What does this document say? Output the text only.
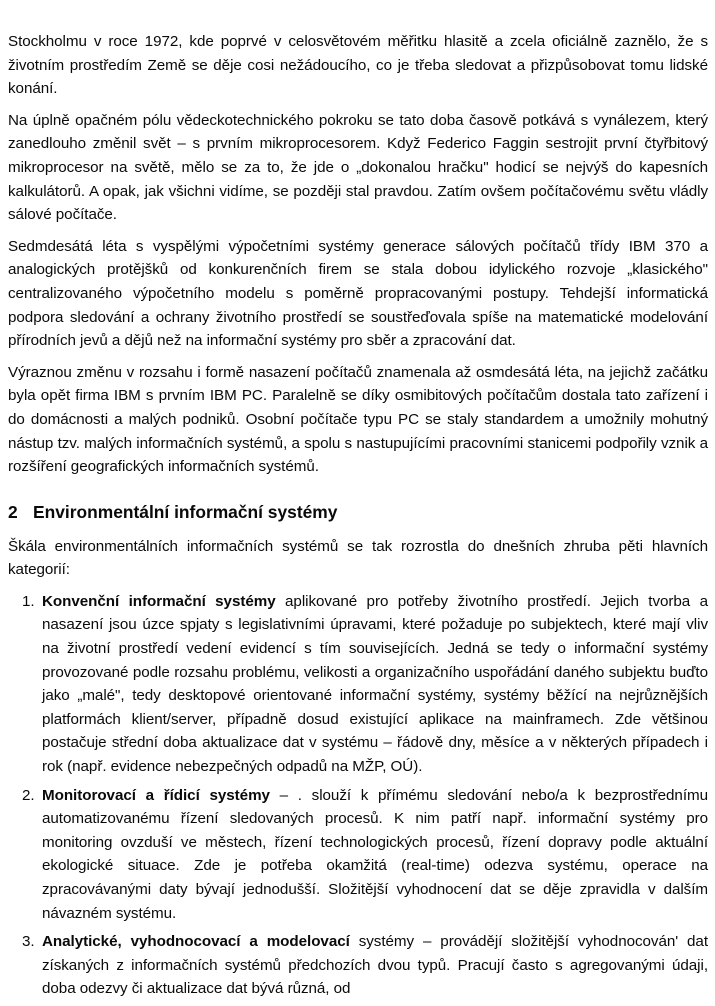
Stockholmu v roce 1972, kde poprvé v celosvětovém měřitku hlasitě a zcela oficiálně zaznělo, že s životním prostředím Země se děje cosi nežádoucího, co je třeba sledovat a přizpůsobovat tomu lidské konání.

Na úplně opačném pólu vědeckotechnického pokroku se tato doba časově potkává s vynálezem, který zanedlouho změnil svět – s prvním mikroprocesorem. Když Federico Faggin sestrojit první čtyřbitový mikroprocesor na světě, mělo se za to, že jde o „dokonalou hračku" hodicí se nejvýš do kapesních kalkulátorů. A opak, jak všichni vidíme, se později stal pravdou. Zatím ovšem počítačovému světu vládly sálové počítače.

Sedmdesátá léta s vyspělými výpočetními systémy generace sálových počítačů třídy IBM 370 a analogických protějšků od konkurenčních firem se stala dobou idylického rozvoje „klasického" centralizovaného výpočetního modelu s poměrně propracovanými postupy. Tehdejší informatická podpora sledování a ochrany životního prostředí se soustřeďovala spíše na matematické modelování přírodních jevů a dějů než na informační systémy pro sběr a zpracování dat.

Výraznou změnu v rozsahu i formě nasazení počítačů znamenala až osmdesátá léta, na jejichž začátku byla opět firma IBM s prvním IBM PC. Paralelně se díky osmibitových počítačům dostala tato zařízení i do domácnosti a malých podniků. Osobní počítače typu PC se staly standardem a umožnily mohutný nástup tzv. malých informačních systémů, a spolu s nastupujícími pracovními stanicemi podpořily vznik a rozšíření geografických informačních systémů.

2 Environmentální informační systémy

Škála environmentálních informačních systémů se tak rozrostla do dnešních zhruba pěti hlavních kategorií:

1. Konvenční informační systémy aplikované pro potřeby životního prostředí. Jejich tvorba a nasazení jsou úzce spjaty s legislativními úpravami, které požaduje po subjektech, které mají vliv na životní prostředí vedení evidencí s tím souvisejících. Jedná se tedy o informační systémy provozované podle rozsahu problému, velikosti a organizačního uspořádání daného subjektu buďto jako „malé", tedy desktopové orientované informační systémy, systémy běžící na nejrůznějších platformách klient/server, případně dosud existující aplikace na mainframech. Zde většinou postačuje střední doba aktualizace dat v systému – řádově dny, měsíce a v některých případech i rok (např. evidence nebezpečných odpadů na MŽP, OÚ).
2. Monitorovací a řídicí systémy – . slouží k přímému sledování nebo/a k bezprostřednímu automatizovanému řízení sledovaných procesů. K nim patří např. informační systémy pro monitoring ovzduší ve městech, řízení technologických procesů, řízení dopravy podle aktuální ekologické situace. Zde je potřeba okamžitá (real-time) odezva systému, operace na zpracovávanými daty bývají jednodušší. Složitější vyhodnocení dat se děje zpravidla v dalším návazném systému.
3. Analytické, vyhodnocovací a modelovací systémy – provádějí složitější vyhodnocován' dat získaných z informačních systémů předchozích dvou typů. Pracují často s agregovanými údaji, doba odezvy či aktualizace dat bývá různá, od
